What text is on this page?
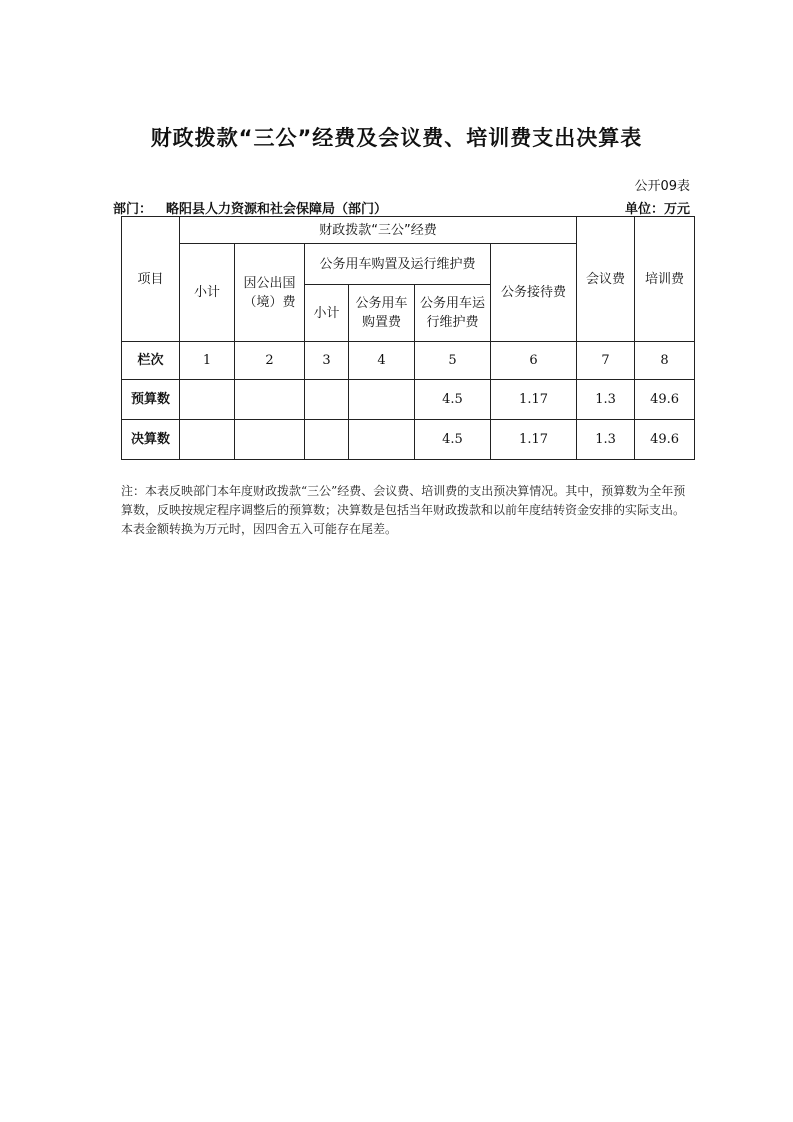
财政拨款“三公”经费及会议费、培训费支出决算表
公开09表
部门： 略阳县人力资源和社会保障局（部门）	单位：万元
项目	财政拨款“三公”经费						会议费	培训费
	小计	因公出国（境）费	公务用车购置及运行维护费			公务接待费		
			小计	公务用车购置费	公务用车运行维护费			
栏次	1	2	3	4	5	6	7	8
预算数					4.5	1.17	1.3	49.6
决算数					4.5	1.17	1.3	49.6
注：本表反映部门本年度财政拨款“三公”经费、会议费、培训费的支出预决算情况。其中，预算数为全年预算数，反映按规定程序调整后的预算数；决算数是包括当年财政拨款和以前年度结转资金安排的实际支出。本表金额转换为万元时，因四舍五入可能存在尾差。
